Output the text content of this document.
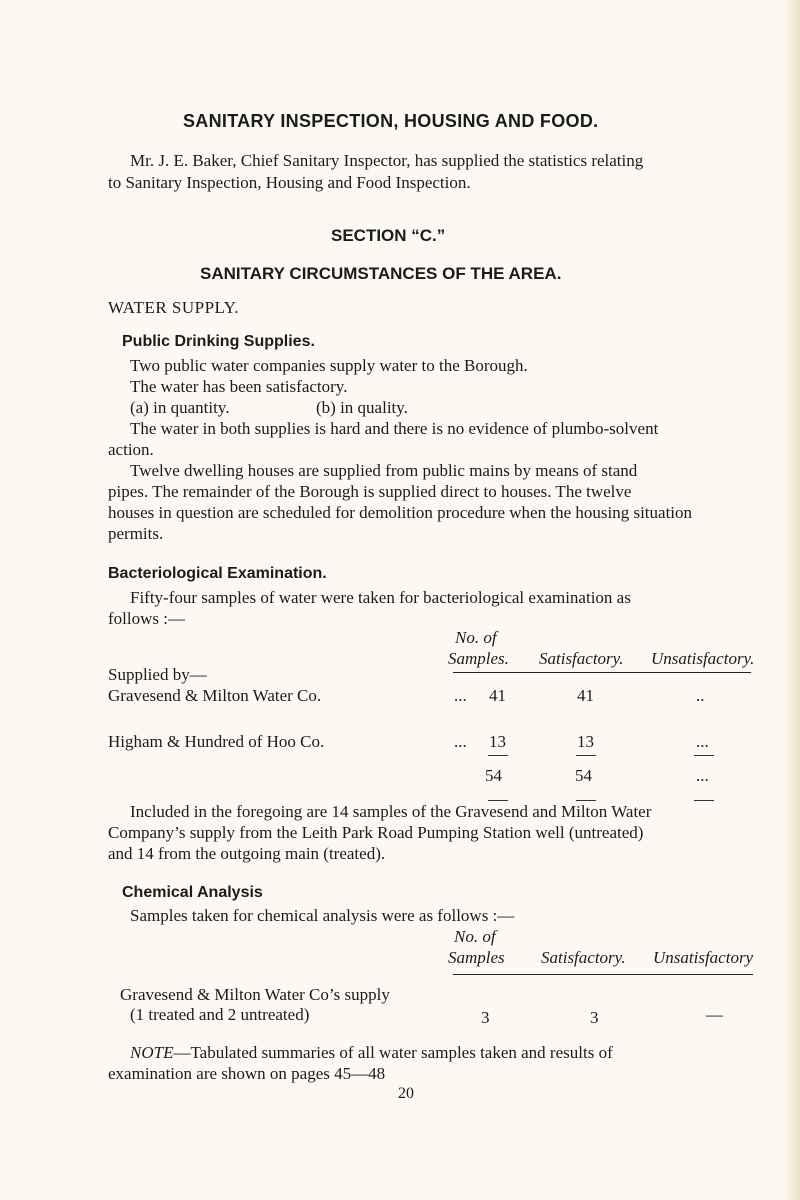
SANITARY INSPECTION, HOUSING AND FOOD.
Mr. J. E. Baker, Chief Sanitary Inspector, has supplied the statistics relating
to Sanitary Inspection, Housing and Food Inspection.
SECTION “C.”
SANITARY CIRCUMSTANCES OF THE AREA.
WATER SUPPLY.
Public Drinking Supplies.
Two public water companies supply water to the Borough.
The water has been satisfactory.
(a) in quantity.	(b) in quality.
The water in both supplies is hard and there is no evidence of plumbo-solvent
action.
Twelve dwelling houses are supplied from public mains by means of stand
pipes. The remainder of the Borough is supplied direct to houses. The twelve
houses in question are scheduled for demolition procedure when the housing situation
permits.
Bacteriological Examination.
Fifty-four samples of water were taken for bacteriological examination as
follows :—
No. of
Samples. Satisfactory. Unsatisfactory.
Supplied by—
Gravesend & Milton Water Co.	... 41	41	..
Higham & Hundred of Hoo Co.	... 13	13	...
54	54	...
Included in the foregoing are 14 samples of the Gravesend and Milton Water
Company’s supply from the Leith Park Road Pumping Station well (untreated)
and 14 from the outgoing main (treated).
Chemical Analysis
Samples taken for chemical analysis were as follows :—
No. of
Samples Satisfactory. Unsatisfactory
Gravesend & Milton Water Co’s supply
(1 treated and 2 untreated)	3	3	—
NOTE—Tabulated summaries of all water samples taken and results of
examination are shown on pages 45—48
20
